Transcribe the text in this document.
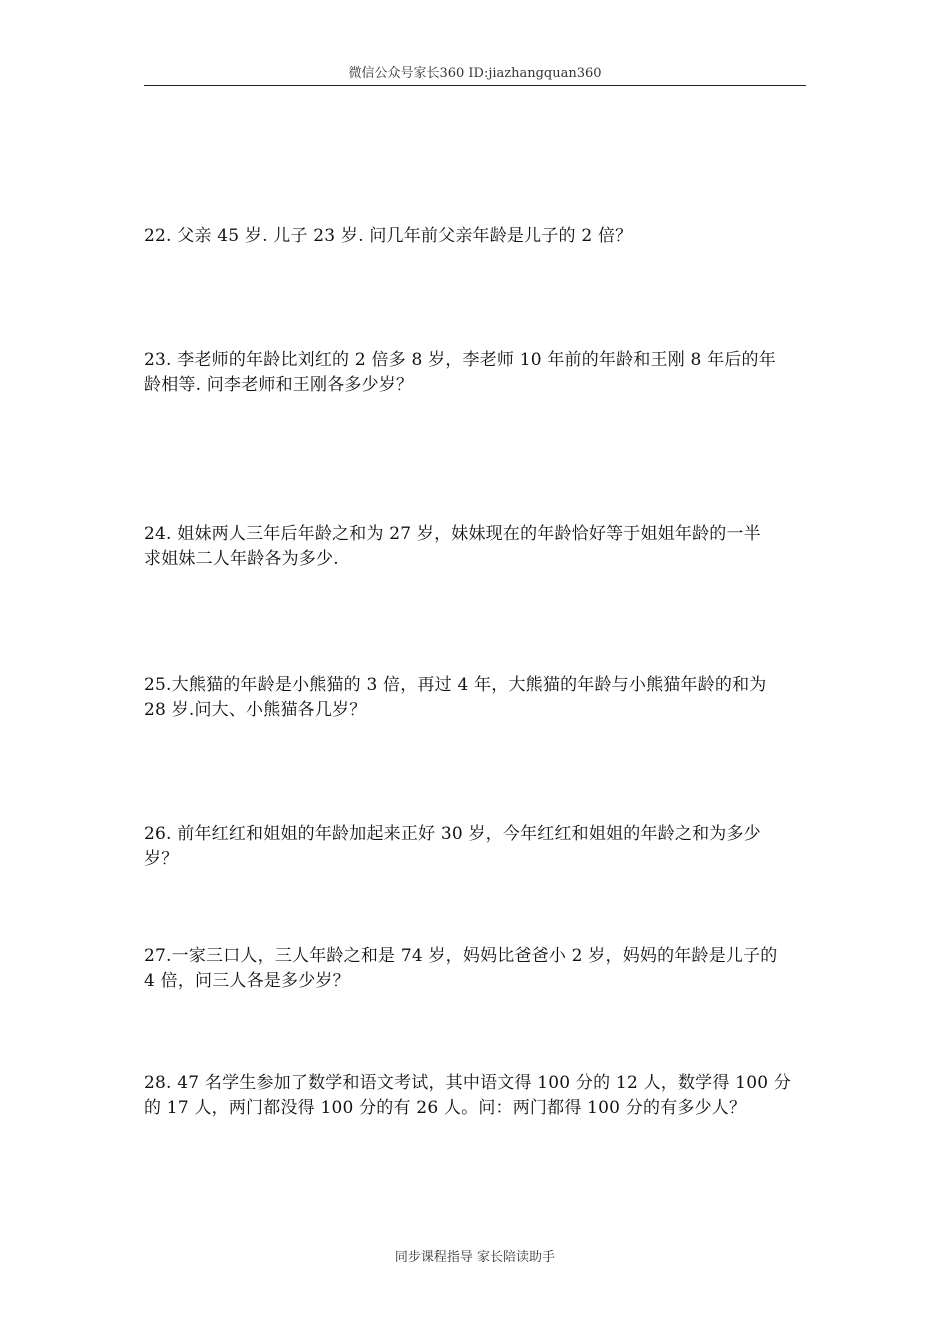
微信公众号家长360 ID:jiazhangquan360
22. 父亲 45 岁. 儿子 23 岁. 问几年前父亲年龄是儿子的 2 倍？
23. 李老师的年龄比刘红的 2 倍多 8 岁，李老师 10 年前的年龄和王刚 8 年后的年
龄相等. 问李老师和王刚各多少岁？
24. 姐妹两人三年后年龄之和为 27 岁，妹妹现在的年龄恰好等于姐姐年龄的一半
求姐妹二人年龄各为多少.
25.大熊猫的年龄是小熊猫的 3 倍，再过 4 年，大熊猫的年龄与小熊猫年龄的和为
28 岁.问大、小熊猫各几岁？
26. 前年红红和姐姐的年龄加起来正好 30 岁，今年红红和姐姐的年龄之和为多少
岁？
27.一家三口人，三人年龄之和是 74 岁，妈妈比爸爸小 2 岁，妈妈的年龄是儿子的
4 倍，问三人各是多少岁？
28. 47 名学生参加了数学和语文考试，其中语文得 100 分的 12 人，数学得 100 分
的 17 人，两门都没得 100 分的有 26 人。问：两门都得 100 分的有多少人？
同步课程指导 家长陪读助手
